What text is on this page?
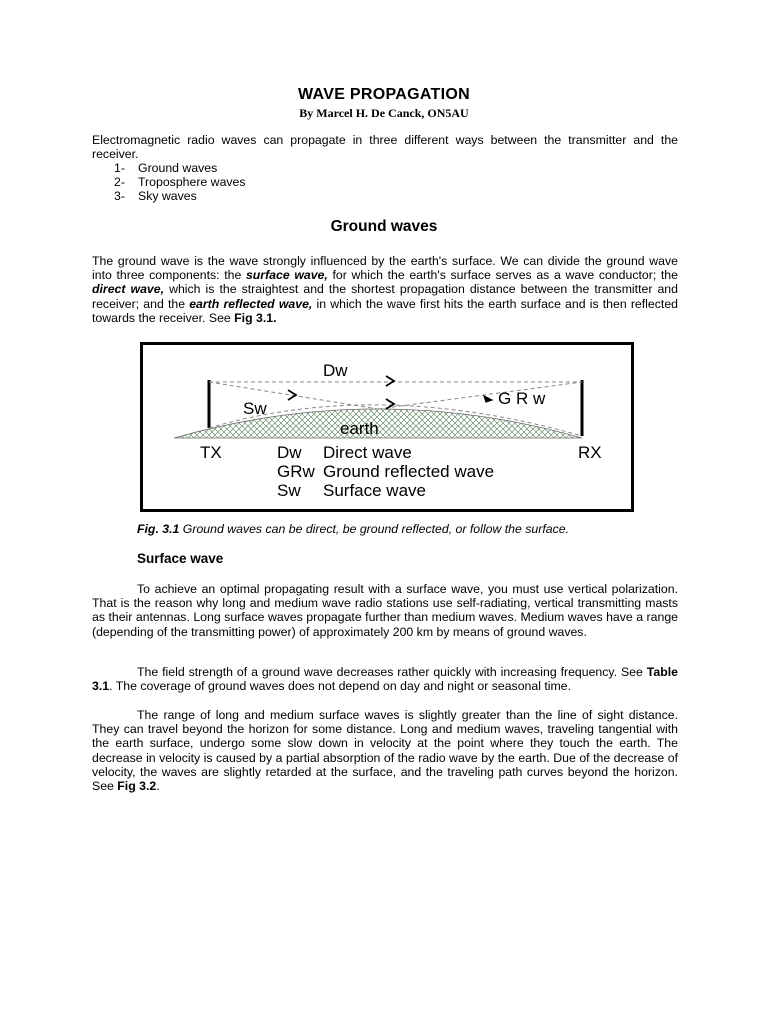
WAVE PROPAGATION
By Marcel H. De Canck, ON5AU

Electromagnetic radio waves can propagate in three different ways between the transmitter and the receiver.

1-	Ground waves
2-	Troposphere waves
3-	Sky waves
Ground waves

The ground wave is the wave strongly influenced by the earth's surface. We can divide the ground wave into three components: the surface wave, for which the earth's surface serves as a wave conductor; the direct wave, which is the straightest and the shortest propagation distance between the transmitter and receiver; and the earth reflected wave, in which the wave first hits the earth surface and is then reflected towards the receiver. See Fig 3.1.

Dw
Sw
G R w
earth
TX	RX
Dw Direct wave
GRw Ground reflected wave
Sw Surface wave
Fig. 3.1 Ground waves can be direct, be ground reflected, or follow the surface.
Surface wave

To achieve an optimal propagating result with a surface wave, you must use vertical polarization. That is the reason why long and medium wave radio stations use self-radiating, vertical transmitting masts as their antennas. Long surface waves propagate further than medium waves. Medium waves have a range (depending of the transmitting power) of approximately 200 km by means of ground waves.

The field strength of a ground wave decreases rather quickly with increasing frequency. See Table 3.1. The coverage of ground waves does not depend on day and night or seasonal time.

The range of long and medium surface waves is slightly greater than the line of sight distance. They can travel beyond the horizon for some distance. Long and medium waves, traveling tangential with the earth surface, undergo some slow down in velocity at the point where they touch the earth. The decrease in velocity is caused by a partial absorption of the radio wave by the earth. Due of the decrease of velocity, the waves are slightly retarded at the surface, and the traveling path curves beyond the horizon. See Fig 3.2.
